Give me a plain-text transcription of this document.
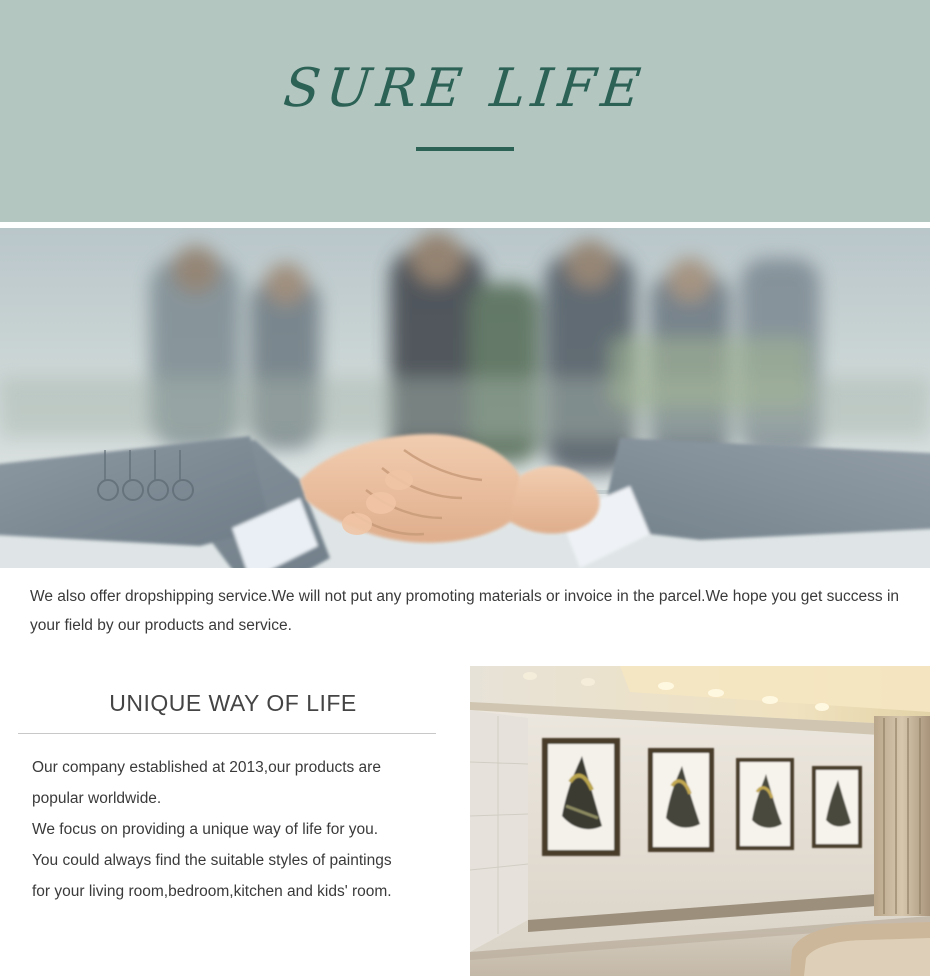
SURE LIFE
We also offer dropshipping service.We will not put any promoting materials or invoice in the parcel.We hope you get success in your field by our products and service.
UNIQUE WAY OF LIFE

Our company established at 2013,our products are

popular worldwide.

We focus on providing a unique way of life for you.

You could always find the suitable styles of paintings

for your living room,bedroom,kitchen and kids' room.
